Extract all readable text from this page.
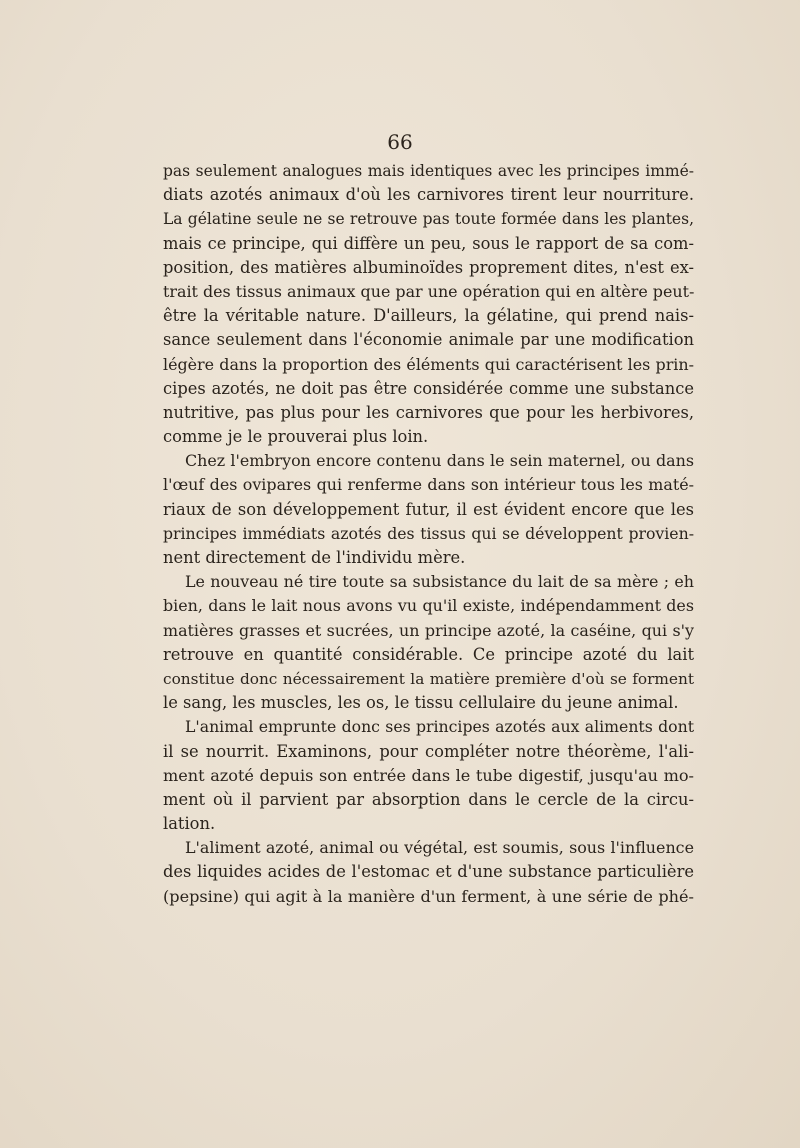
66
pas seulement analogues mais identiques avec les principes immé-
diats azotés animaux d'où les carnivores tirent leur nourriture.
La gélatine seule ne se retrouve pas toute formée dans les plantes,
mais ce principe, qui diffère un peu, sous le rapport de sa com-
position, des matières albuminoïdes proprement dites, n'est ex-
trait des tissus animaux que par une opération qui en altère peut-
être la véritable nature. D'ailleurs, la gélatine, qui prend nais-
sance seulement dans l'économie animale par une modification
légère dans la proportion des éléments qui caractérisent les prin-
cipes azotés, ne doit pas être considérée comme une substance
nutritive, pas plus pour les carnivores que pour les herbivores,
comme je le prouverai plus loin.
Chez l'embryon encore contenu dans le sein maternel, ou dans
l'œuf des ovipares qui renferme dans son intérieur tous les maté-
riaux de son développement futur, il est évident encore que les
principes immédiats azotés des tissus qui se développent provien-
nent directement de l'individu mère.
Le nouveau né tire toute sa subsistance du lait de sa mère ; eh
bien, dans le lait nous avons vu qu'il existe, indépendamment des
matières grasses et sucrées, un principe azoté, la caséine, qui s'y
retrouve en quantité considérable. Ce principe azoté du lait
constitue donc nécessairement la matière première d'où se forment
le sang, les muscles, les os, le tissu cellulaire du jeune animal.
L'animal emprunte donc ses principes azotés aux aliments dont
il se nourrit. Examinons, pour compléter notre théorème, l'ali-
ment azoté depuis son entrée dans le tube digestif, jusqu'au mo-
ment où il parvient par absorption dans le cercle de la circu-
lation.
L'aliment azoté, animal ou végétal, est soumis, sous l'influence
des liquides acides de l'estomac et d'une substance particulière
(pepsine) qui agit à la manière d'un ferment, à une série de phé-
